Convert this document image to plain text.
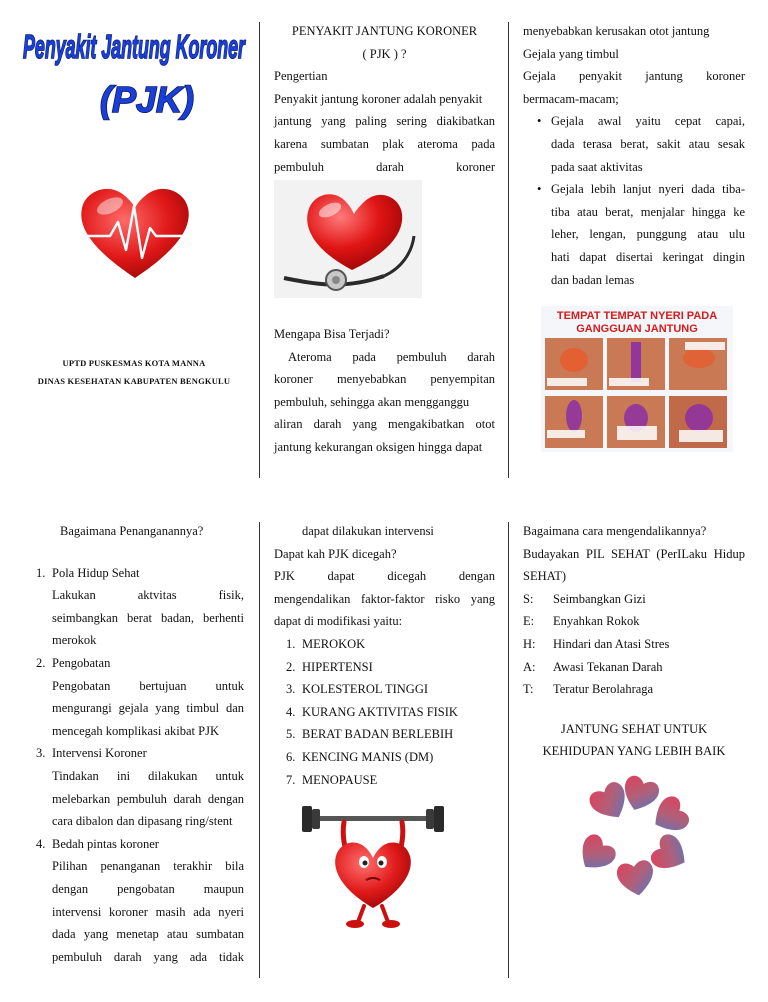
Penyakit Jantung Koroner
(PJK)
UPTD PUSKESMAS KOTA MANNA
DINAS KESEHATAN KABUPATEN BENGKULU

PENYAKIT JANTUNG KORONER

( PJK ) ?

Pengertian

Penyakit jantung koroner adalah penyakit

jantung yang paling sering diakibatkan

karena sumbatan plak ateroma pada

pembuluh darah koroner

Mengapa Bisa Terjadi?

Ateroma pada pembuluh darah

koroner menyebabkan penyempitan

pembuluh, sehingga akan mengganggu

aliran darah yang mengakibatkan otot

jantung kekurangan oksigen hingga dapat

menyebabkan kerusakan otot jantung

Gejala yang timbul

Gejala penyakit jantung koroner

bermacam-macam;

• Gejala awal yaitu cepat capai,

dada terasa berat, sakit atau sesak

pada saat aktivitas

• Gejala lebih lanjut nyeri dada tiba-

tiba atau berat, menjalar hingga ke

leher, lengan, punggung atau ulu

hati dapat disertai keringat dingin

dan badan lemas

TEMPAT TEMPAT NYERI PADA
GANGGUAN JANTUNG

Bagaimana Penanganannya?

1. Pola Hidup Sehat

Lakukan aktvitas fisik,

seimbangkan berat badan, berhenti

merokok

2. Pengobatan

Pengobatan bertujuan untuk

mengurangi gejala yang timbul dan

mencegah komplikasi akibat PJK

3. Intervensi Koroner

Tindakan ini dilakukan untuk

melebarkan pembuluh darah dengan

cara dibalon dan dipasang ring/stent

4. Bedah pintas koroner

Pilihan penanganan terakhir bila

dengan pengobatan maupun

intervensi koroner masih ada nyeri

dada yang menetap atau sumbatan

pembuluh darah yang ada tidak

dapat dilakukan intervensi

Dapat kah PJK dicegah?

PJK dapat dicegah dengan

mengendalikan faktor-faktor risko yang

dapat di modifikasi yaitu:

1. MEROKOK
2. HIPERTENSI
3. KOLESTEROL TINGGI
4. KURANG AKTIVITAS FISIK
5. BERAT BADAN BERLEBIH
6. KENCING MANIS (DM)
7. MENOPAUSE

Bagaimana cara mengendalikannya?

Budayakan PIL SEHAT (PerILaku Hidup

SEHAT)

S:	Seimbangkan Gizi
E:	Enyahkan Rokok
H:	Hindari dan Atasi Stres
A:	Awasi Tekanan Darah
T:	Teratur Berolahraga

JANTUNG SEHAT UNTUK

KEHIDUPAN YANG LEBIH BAIK
